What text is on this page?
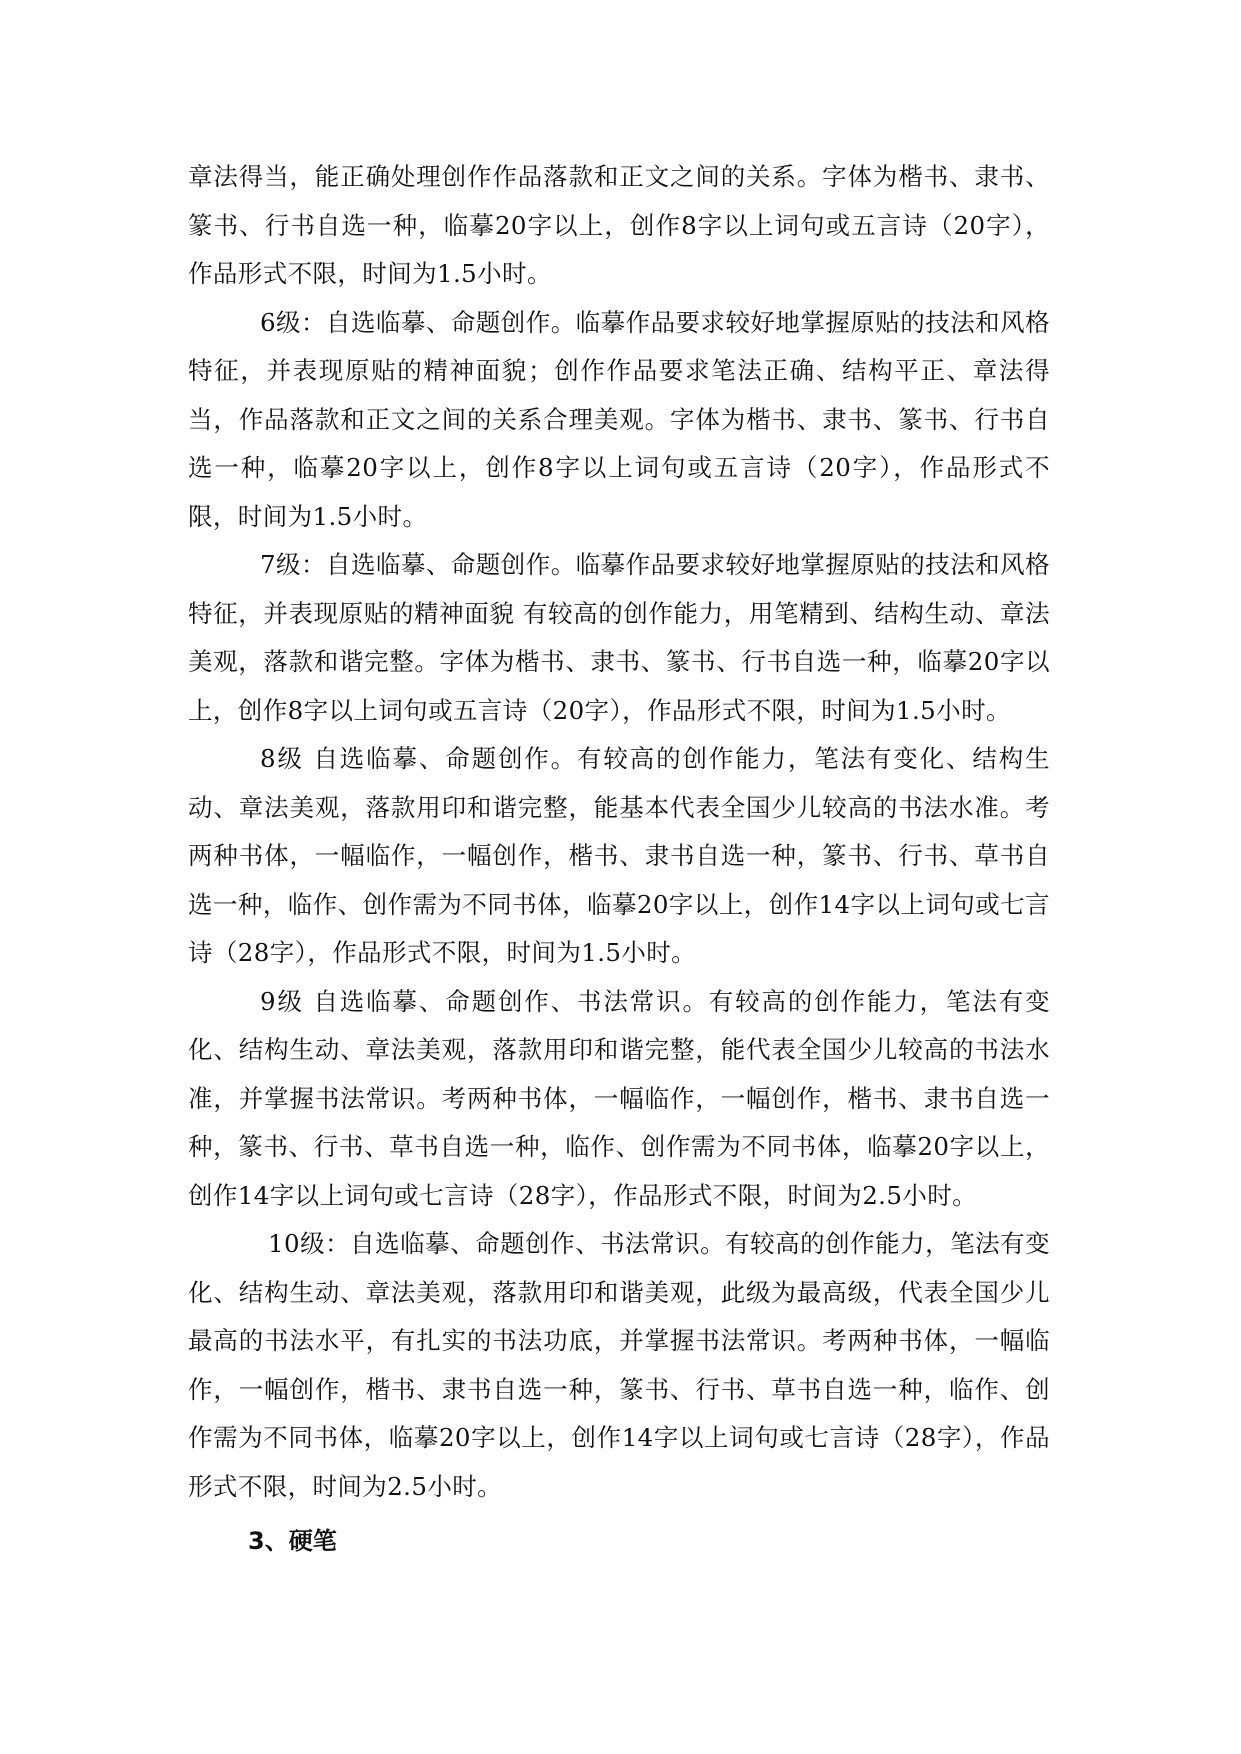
章法得当，能正确处理创作作品落款和正文之间的关系。字体为楷书、隶书、篆书、行书自选一种，临摹20字以上，创作8字以上词句或五言诗（20字），作品形式不限，时间为1.5小时。

6级：自选临摹、命题创作。临摹作品要求较好地掌握原贴的技法和风格特征，并表现原贴的精神面貌；创作作品要求笔法正确、结构平正、章法得当，作品落款和正文之间的关系合理美观。字体为楷书、隶书、篆书、行书自选一种，临摹20字以上，创作8字以上词句或五言诗（20字），作品形式不限，时间为1.5小时。

7级：自选临摹、命题创作。临摹作品要求较好地掌握原贴的技法和风格特征，并表现原贴的精神面貌 有较高的创作能力，用笔精到、结构生动、章法美观，落款和谐完整。字体为楷书、隶书、篆书、行书自选一种，临摹20字以上，创作8字以上词句或五言诗（20字），作品形式不限，时间为1.5小时。

8级 自选临摹、命题创作。有较高的创作能力，笔法有变化、结构生动、章法美观，落款用印和谐完整，能基本代表全国少儿较高的书法水准。考两种书体，一幅临作，一幅创作，楷书、隶书自选一种，篆书、行书、草书自选一种，临作、创作需为不同书体，临摹20字以上，创作14字以上词句或七言诗（28字），作品形式不限，时间为1.5小时。

9级 自选临摹、命题创作、书法常识。有较高的创作能力，笔法有变化、结构生动、章法美观，落款用印和谐完整，能代表全国少儿较高的书法水准，并掌握书法常识。考两种书体，一幅临作，一幅创作，楷书、隶书自选一种，篆书、行书、草书自选一种，临作、创作需为不同书体，临摹20字以上，创作14字以上词句或七言诗（28字），作品形式不限，时间为2.5小时。

10级：自选临摹、命题创作、书法常识。有较高的创作能力，笔法有变化、结构生动、章法美观，落款用印和谐美观，此级为最高级，代表全国少儿最高的书法水平，有扎实的书法功底，并掌握书法常识。考两种书体，一幅临作，一幅创作，楷书、隶书自选一种，篆书、行书、草书自选一种，临作、创作需为不同书体，临摹20字以上，创作14字以上词句或七言诗（28字），作品形式不限，时间为2.5小时。

3、硬笔
